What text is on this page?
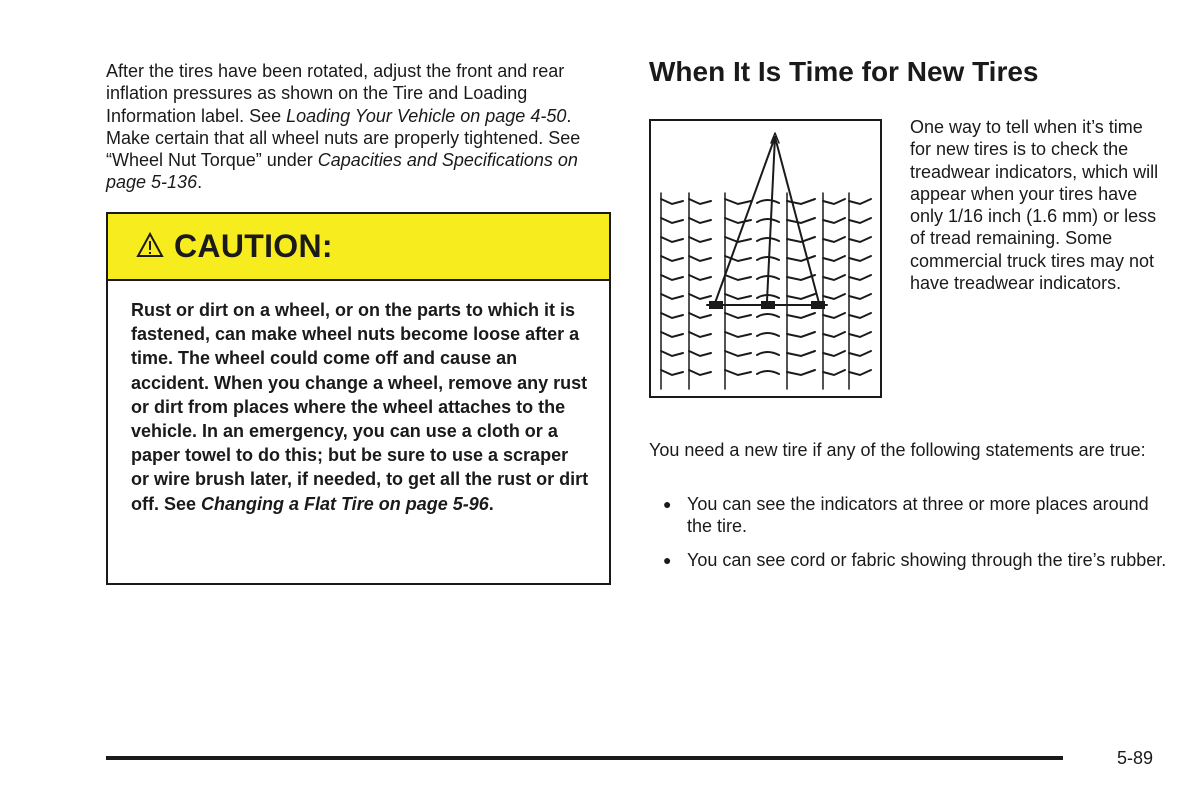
After the tires have been rotated, adjust the front and rear inflation pressures as shown on the Tire and Loading Information label. See Loading Your Vehicle on page 4-50. Make certain that all wheel nuts are properly tightened. See “Wheel Nut Torque” under Capacities and Specifications on page 5-136.

CAUTION:

Rust or dirt on a wheel, or on the parts to which it is fastened, can make wheel nuts become loose after a time. The wheel could come off and cause an accident. When you change a wheel, remove any rust or dirt from places where the wheel attaches to the vehicle. In an emergency, you can use a cloth or a paper towel to do this; but be sure to use a scraper or wire brush later, if needed, to get all the rust or dirt off. See Changing a Flat Tire on page 5-96.

When It Is Time for New Tires

One way to tell when it’s time for new tires is to check the treadwear indicators, which will appear when your tires have only 1/16 inch (1.6 mm) or less of tread remaining. Some commercial truck tires may not have treadwear indicators.

You need a new tire if any of the following statements are true:

● You can see the indicators at three or more places around the tire.
● You can see cord or fabric showing through the tire’s rubber.
5-89
